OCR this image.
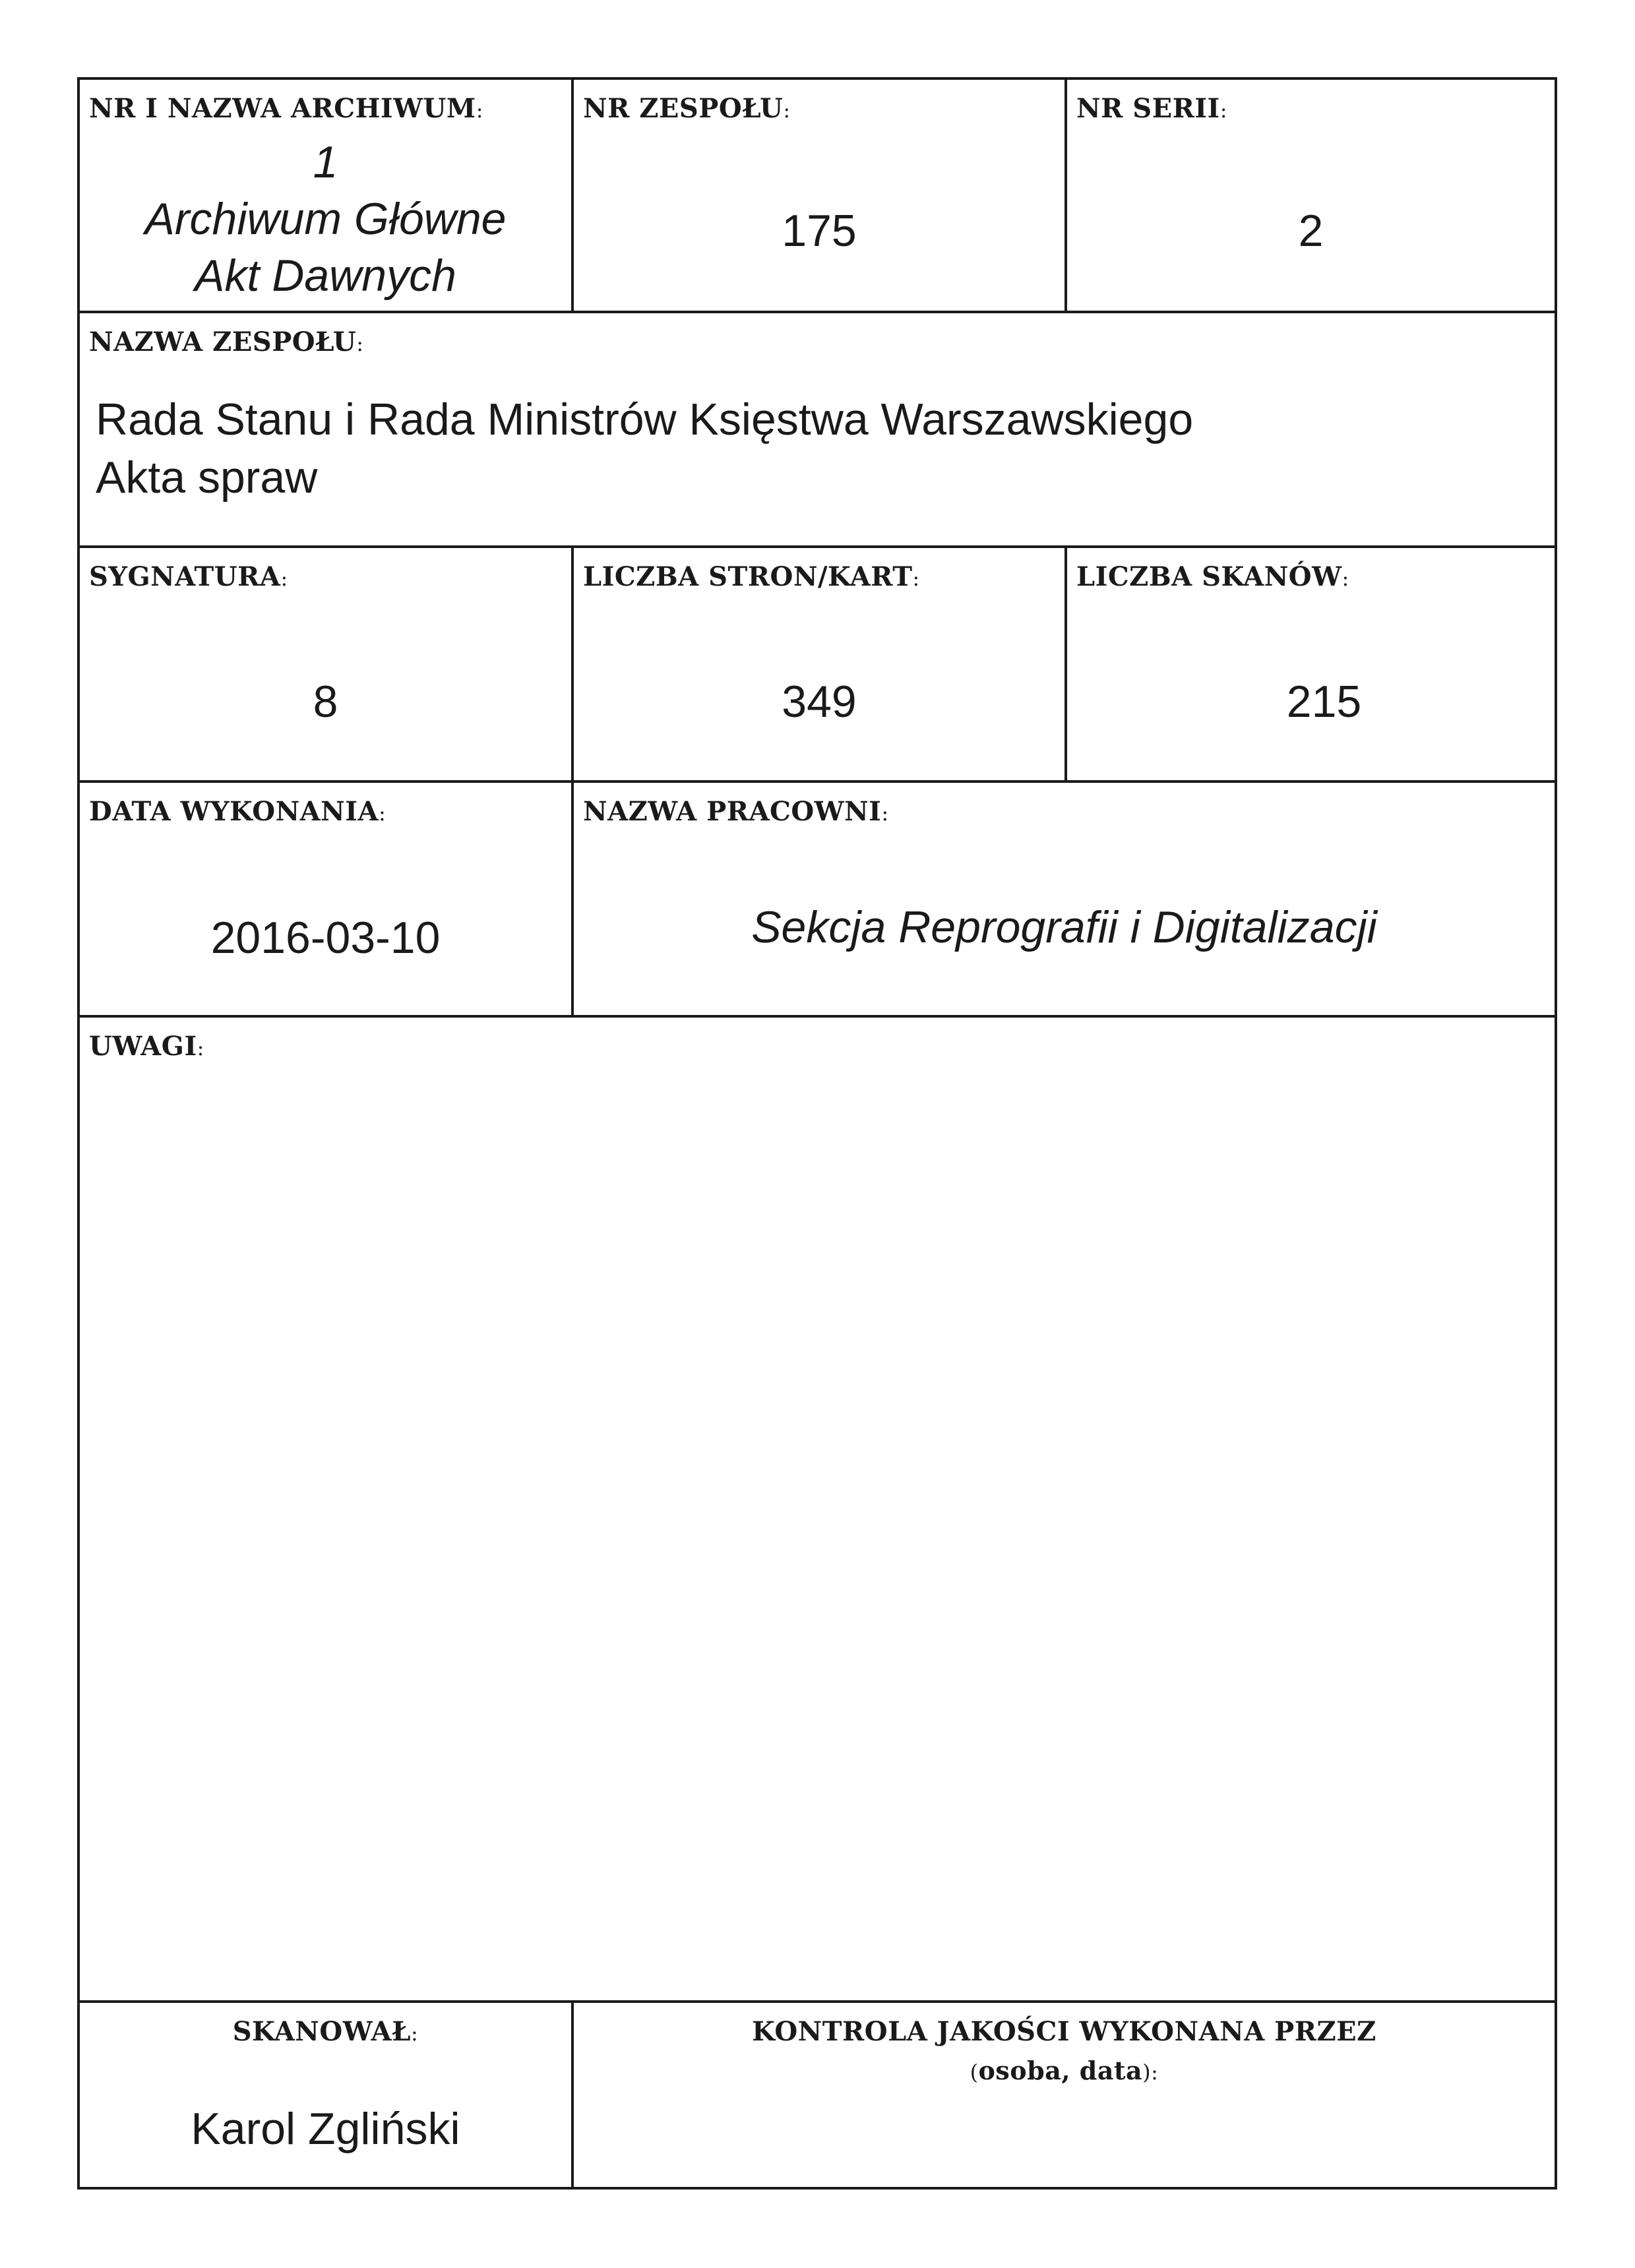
NR I NAZWA ARCHIWUM:
1
Archiwum Główne
Akt Dawnych
NR ZESPOŁU:
175
NR SERII:
2
NAZWA ZESPOŁU:
Rada Stanu i Rada Ministrów Księstwa Warszawskiego
Akta spraw
SYGNATURA:
8
LICZBA STRON/KART:
349
LICZBA SKANÓW:
215
DATA WYKONANIA:
2016-03-10
NAZWA PRACOWNI:
Sekcja Reprografii i Digitalizacji
UWAGI:
SKANOWAŁ:
Karol Zgliński
KONTROLA JAKOŚCI WYKONANA PRZEZ
(osoba, data):
